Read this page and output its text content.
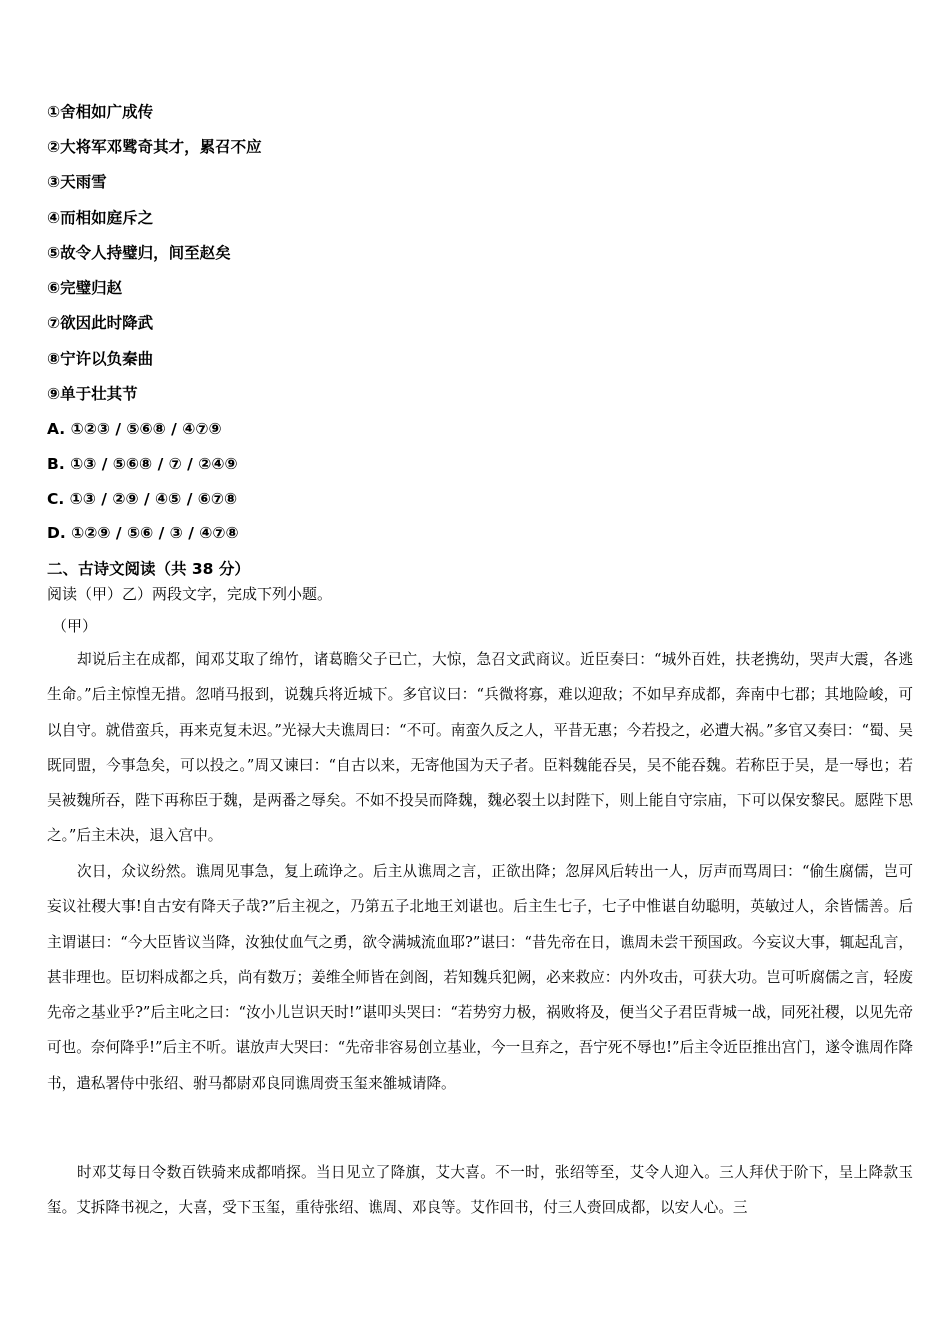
①舍相如广成传
②大将军邓骘奇其才，累召不应
③天雨雪
④而相如庭斥之
⑤故令人持璧归，间至赵矣
⑥完璧归赵
⑦欲因此时降武
⑧宁许以负秦曲
⑨单于壮其节
A. ①②③ / ⑤⑥⑧ / ④⑦⑨
B. ①③ / ⑤⑥⑧ / ⑦ / ②④⑨
C. ①③ / ②⑨ / ④⑤ / ⑥⑦⑧
D. ①②⑨ / ⑤⑥ / ③ / ④⑦⑧
二、古诗文阅读（共 38 分）
阅读（甲）乙）两段文字，完成下列小题。
（甲）
却说后主在成都，闻邓艾取了绵竹，诸葛瞻父子已亡，大惊，急召文武商议。近臣奏曰：“城外百姓，扶老携幼，哭声大震，各逃生命。”后主惊惶无措。忽哨马报到，说魏兵将近城下。多官议曰：“兵微将寡，难以迎敌；不如早弃成都，奔南中七郡；其地险峻，可以自守。就借蛮兵，再来克复未迟。”光禄大夫谯周曰：“不可。南蛮久反之人，平昔无惠；今若投之，必遭大祸。”多官又奏曰：“蜀、吴既同盟，今事急矣，可以投之。”周又谏曰：“自古以来，无寄他国为天子者。臣料魏能吞吴，吴不能吞魏。若称臣于吴，是一辱也；若吴被魏所吞，陛下再称臣于魏，是两番之辱矣。不如不投吴而降魏，魏必裂土以封陛下，则上能自守宗庙，下可以保安黎民。愿陛下思之。”后主未决，退入宫中。
次日，众议纷然。谯周见事急，复上疏诤之。后主从谯周之言，正欲出降；忽屏风后转出一人，厉声而骂周曰：“偷生腐儒，岂可妄议社稷大事!自古安有降天子哉?”后主视之，乃第五子北地王刘谌也。后主生七子，七子中惟谌自幼聪明，英敏过人，余皆懦善。后主谓谌曰：“今大臣皆议当降，汝独仗血气之勇，欲令满城流血耶?”谌曰：“昔先帝在日，谯周未尝干预国政。今妄议大事，辄起乱言，甚非理也。臣切料成都之兵，尚有数万；姜维全师皆在剑阁，若知魏兵犯阙，必来救应：内外攻击，可获大功。岂可听腐儒之言，轻废先帝之基业乎?”后主叱之曰：“汝小儿岂识天时!”谌叩头哭曰：“若势穷力极，祸败将及，便当父子君臣背城一战，同死社稷，以见先帝可也。奈何降乎!”后主不听。谌放声大哭曰：“先帝非容易创立基业，今一旦弃之，吾宁死不辱也!”后主令近臣推出宫门，遂令谯周作降书，遣私署侍中张绍、驸马都尉邓良同谯周赍玉玺来雒城请降。
时邓艾每日令数百铁骑来成都哨探。当日见立了降旗，艾大喜。不一时，张绍等至，艾令人迎入。三人拜伏于阶下，呈上降款玉玺。艾拆降书视之，大喜，受下玉玺，重待张绍、谯周、邓良等。艾作回书，付三人赍回成都，以安人心。三
